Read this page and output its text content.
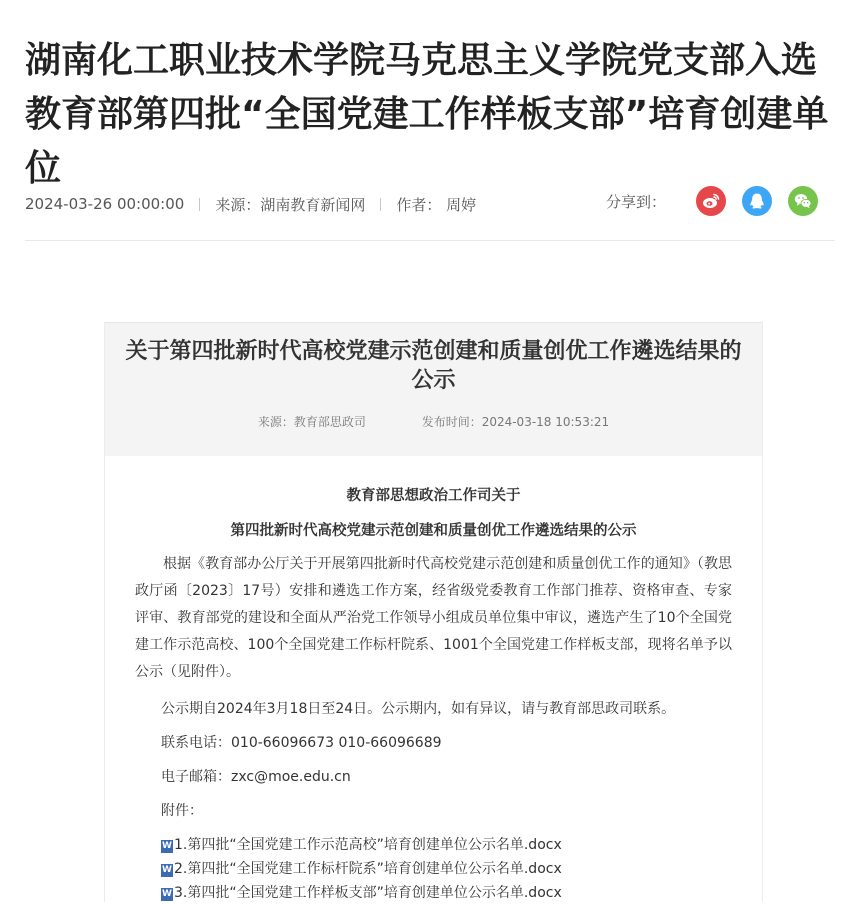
湖南化工职业技术学院马克思主义学院党支部入选教育部第四批“全国党建工作样板支部”培育创建单位
2024-03-26 00:00:00 来源：湖南教育新闻网 作者： 周婷	分享到：
关于第四批新时代高校党建示范创建和质量创优工作遴选结果的公示
来源：教育部思政司	发布时间：2024-03-18 10:53:21
教育部思想政治工作司关于
第四批新时代高校党建示范创建和质量创优工作遴选结果的公示

根据《教育部办公厅关于开展第四批新时代高校党建示范创建和质量创优工作的通知》（教思政厅函〔2023〕17号）安排和遴选工作方案，经省级党委教育工作部门推荐、资格审查、专家评审、教育部党的建设和全面从严治党工作领导小组成员单位集中审议，遴选产生了10个全国党建工作示范高校、100个全国党建工作标杆院系、1001个全国党建工作样板支部，现将名单予以公示（见附件）。

公示期自2024年3月18日至24日。公示期内，如有异议，请与教育部思政司联系。

联系电话：010-66096673 010-66096689

电子邮箱：zxc@moe.edu.cn

附件：

W 1.第四批“全国党建工作示范高校”培育创建单位公示名单.docx
W 2.第四批“全国党建工作标杆院系”培育创建单位公示名单.docx
W 3.第四批“全国党建工作样板支部”培育创建单位公示名单.docx
